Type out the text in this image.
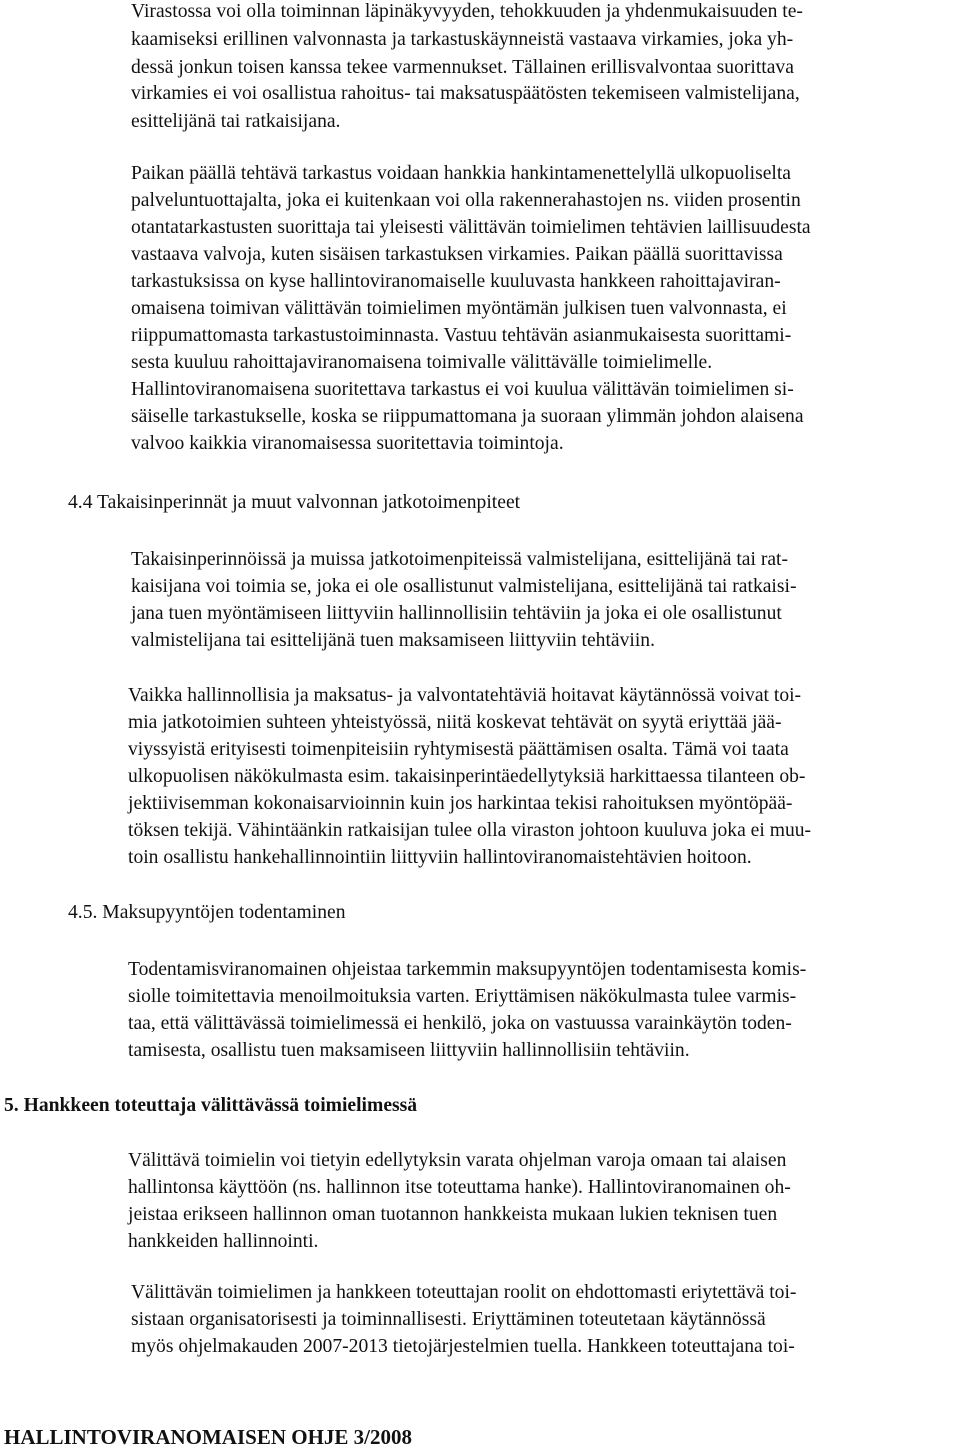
Virastossa voi olla toiminnan läpinäkyvyyden, tehokkuuden ja yhdenmukaisuuden te-
kaamiseksi erillinen valvonnasta ja tarkastuskäynneistä vastaava virkamies, joka yh-
dessä jonkun toisen kanssa tekee varmennukset. Tällainen erillisvalvontaa suorittava
virkamies ei voi osallistua rahoitus- tai maksatuspäätösten tekemiseen valmistelijana,
esittelijänä tai ratkaisijana.
Paikan päällä tehtävä tarkastus voidaan hankkia hankintamenettelyllä ulkopuoliselta
palveluntuottajalta, joka ei kuitenkaan voi olla rakennerahastojen ns. viiden prosentin
otantatarkastusten suorittaja tai yleisesti välittävän toimielimen tehtävien laillisuudesta
vastaava valvoja, kuten sisäisen tarkastuksen virkamies. Paikan päällä suorittavissa
tarkastuksissa on kyse hallintoviranomaiselle kuuluvasta hankkeen rahoittajaviran-
omaisena toimivan välittävän toimielimen myöntämän julkisen tuen valvonnasta, ei
riippumattomasta tarkastustoiminnasta. Vastuu tehtävän asianmukaisesta suorittami-
sesta kuuluu rahoittajaviranomaisena toimivalle välittävälle toimielimelle.
Hallintoviranomaisena suoritettava tarkastus ei voi kuulua välittävän toimielimen si-
säiselle tarkastukselle, koska se riippumattomana ja suoraan ylimmän johdon alaisena
valvoo kaikkia viranomaisessa suoritettavia toimintoja.
4.4 Takaisinperinnät ja muut valvonnan jatkotoimenpiteet
Takaisinperinnöissä ja muissa jatkotoimenpiteissä valmistelijana, esittelijänä tai rat-
kaisijana voi toimia se, joka ei ole osallistunut valmistelijana, esittelijänä tai ratkaisi-
jana tuen myöntämiseen liittyviin hallinnollisiin tehtäviin ja joka ei ole osallistunut
valmistelijana tai esittelijänä tuen maksamiseen liittyviin tehtäviin.
Vaikka hallinnollisia ja maksatus- ja valvontatehtäviä hoitavat käytännössä voivat toi-
mia jatkotoimien suhteen yhteistyössä, niitä koskevat tehtävät on syytä eriyttää jää-
viyssyistä erityisesti toimenpiteisiin ryhtymisestä päättämisen osalta. Tämä voi taata
ulkopuolisen näkökulmasta esim. takaisinperintäedellytyksiä harkittaessa tilanteen ob-
jektiivisemman kokonaisarvioinnin kuin jos harkintaa tekisi rahoituksen myöntöpää-
töksen tekijä. Vähintäänkin ratkaisijan tulee olla viraston johtoon kuuluva joka ei muu-
toin osallistu hankehallinnointiin liittyviin hallintoviranomaistehtävien hoitoon.
4.5. Maksupyyntöjen todentaminen
Todentamisviranomainen ohjeistaa tarkemmin maksupyyntöjen todentamisesta komis-
siolle toimitettavia menoilmoituksia varten. Eriyttämisen näkökulmasta tulee varmis-
taa, että välittävässä toimielimessä ei henkilö, joka on vastuussa varainkäytön toden-
tamisesta, osallistu tuen maksamiseen liittyviin hallinnollisiin tehtäviin.
5. Hankkeen toteuttaja välittävässä toimielimessä
Välittävä toimielin voi tietyin edellytyksin varata ohjelman varoja omaan tai alaisen
hallintonsa käyttöön (ns. hallinnon itse toteuttama hanke). Hallintoviranomainen oh-
jeistaa erikseen hallinnon oman tuotannon hankkeista mukaan lukien teknisen tuen
hankkeiden hallinnointi.
Välittävän toimielimen ja hankkeen toteuttajan roolit on ehdottomasti eriytettävä toi-
sistaan organisatorisesti ja toiminnallisesti. Eriyttäminen toteutetaan käytännössä
myös ohjelmakauden 2007-2013 tietojärjestelmien tuella. Hankkeen toteuttajana toi-
HALLINTOVIRANOMAISEN OHJE 3/2008
